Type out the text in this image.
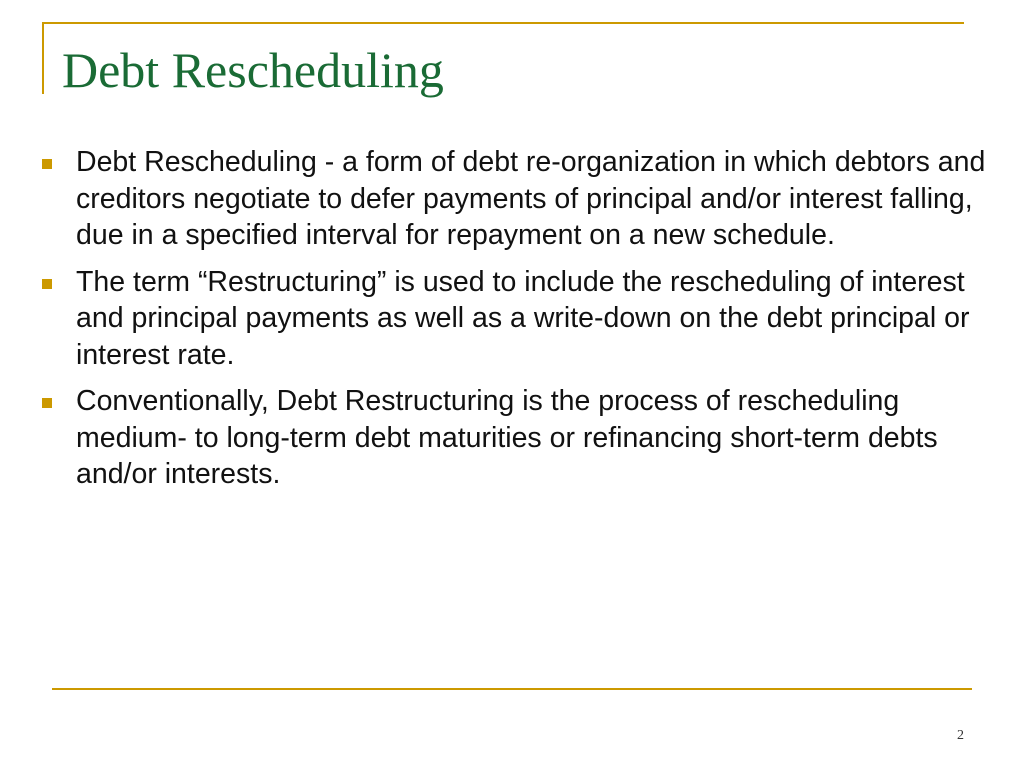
Debt Rescheduling
Debt Rescheduling - a form of debt re-organization in which debtors and creditors negotiate to defer payments of principal and/or interest falling, due in a specified interval for repayment on a new schedule.
The term “Restructuring” is used to include the rescheduling of interest and principal payments as well as a write-down on the debt principal or interest rate.
Conventionally, Debt Restructuring is the process of rescheduling medium- to long-term debt maturities or refinancing short-term debts and/or interests.
2
